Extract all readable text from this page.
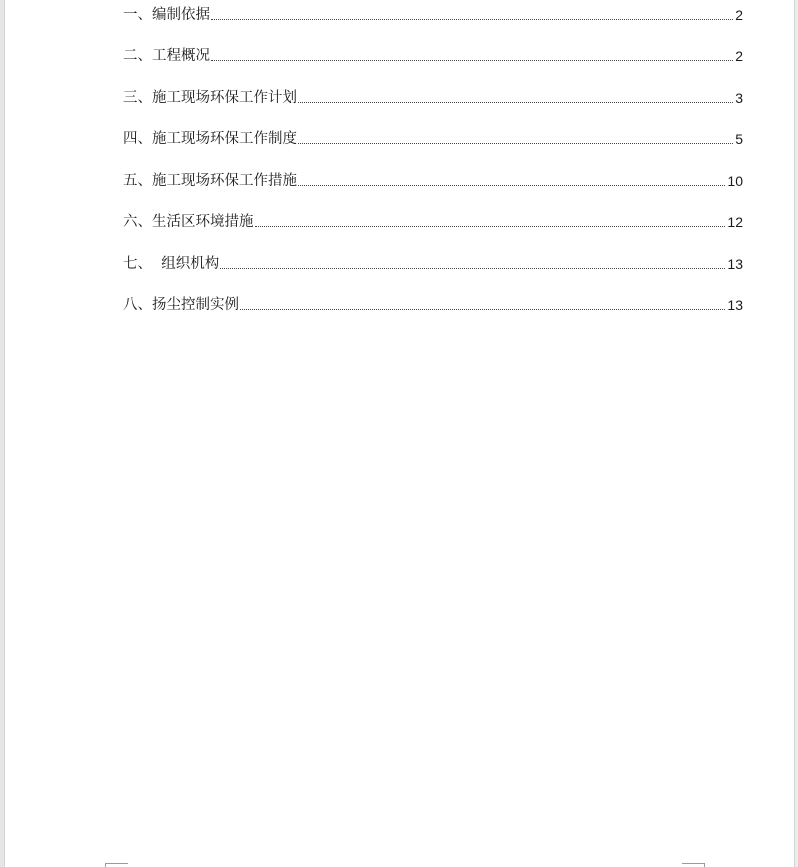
一、编制依据	2
二、工程概况	2
三、施工现场环保工作计划	3
四、施工现场环保工作制度	5
五、施工现场环保工作措施	10
六、生活区环境措施	12
七、  组织机构	13
八、扬尘控制实例	13
